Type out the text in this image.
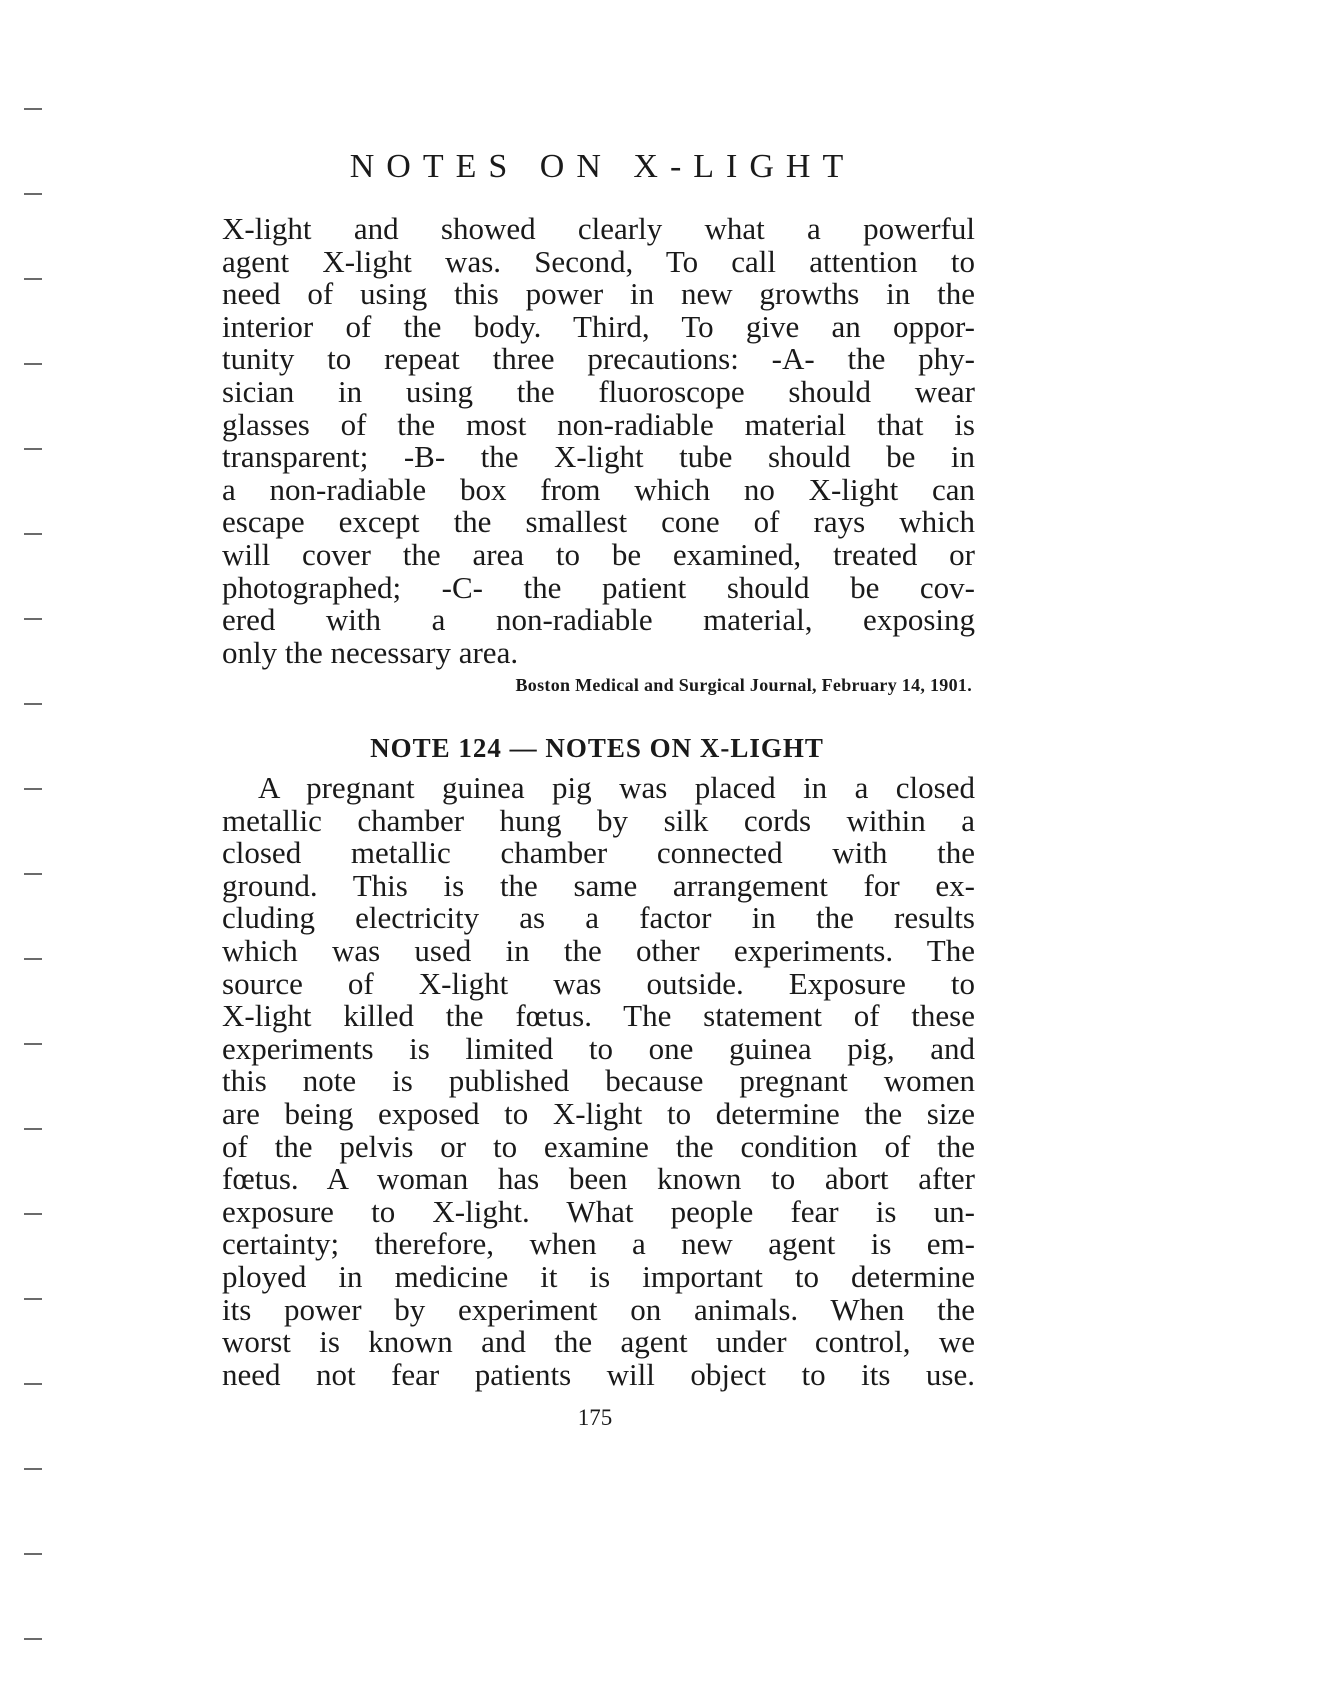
NOTES ON X-LIGHT
X-light and showed clearly what a powerful
agent X-light was. Second, To call attention to
need of using this power in new growths in the
interior of the body. Third, To give an oppor-
tunity to repeat three precautions: -A- the phy-
sician in using the fluoroscope should wear
glasses of the most non-radiable material that is
transparent; -B- the X-light tube should be in
a non-radiable box from which no X-light can
escape except the smallest cone of rays which
will cover the area to be examined, treated or
photographed; -C- the patient should be cov-
ered with a non-radiable material, exposing
only the necessary area.

Boston Medical and Surgical Journal, February 14, 1901.

NOTE 124 — NOTES ON X-LIGHT
A pregnant guinea pig was placed in a closed
metallic chamber hung by silk cords within a
closed metallic chamber connected with the
ground. This is the same arrangement for ex-
cluding electricity as a factor in the results
which was used in the other experiments. The
source of X-light was outside. Exposure to
X-light killed the fœtus. The statement of these
experiments is limited to one guinea pig, and
this note is published because pregnant women
are being exposed to X-light to determine the size
of the pelvis or to examine the condition of the
fœtus. A woman has been known to abort after
exposure to X-light. What people fear is un-
certainty; therefore, when a new agent is em-
ployed in medicine it is important to determine
its power by experiment on animals. When the
worst is known and the agent under control, we
need not fear patients will object to its use.

175
